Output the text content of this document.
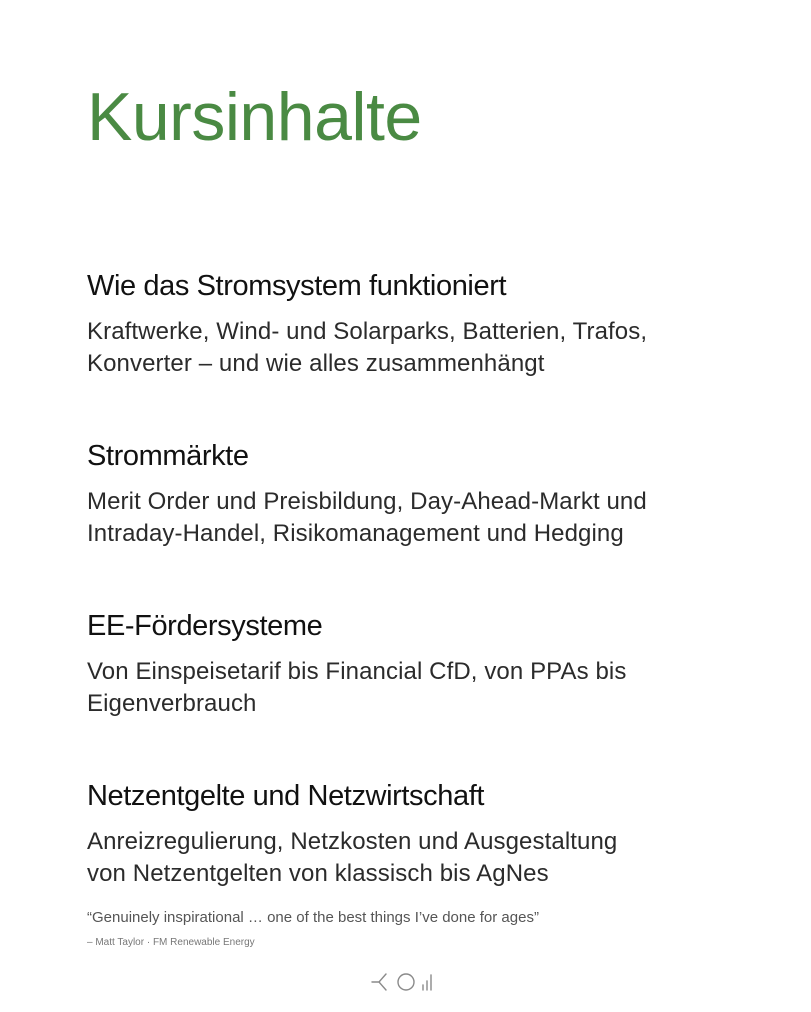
Kursinhalte
Wie das Stromsystem funktioniert

Kraftwerke, Wind- und Solarparks, Batterien, Trafos,
Konverter – und wie alles zusammenhängt

Strommärkte

Merit Order und Preisbildung, Day-Ahead-Markt und
Intraday-Handel, Risikomanagement und Hedging

EE-Fördersysteme

Von Einspeisetarif bis Financial CfD, von PPAs bis
Eigenverbrauch

Netzentgelte und Netzwirtschaft

Anreizregulierung, Netzkosten und Ausgestaltung
von Netzentgelten von klassisch bis AgNes

“Genuinely inspirational … one of the best things I’ve done for ages”

– Matt Taylor · FM Renewable Energy
